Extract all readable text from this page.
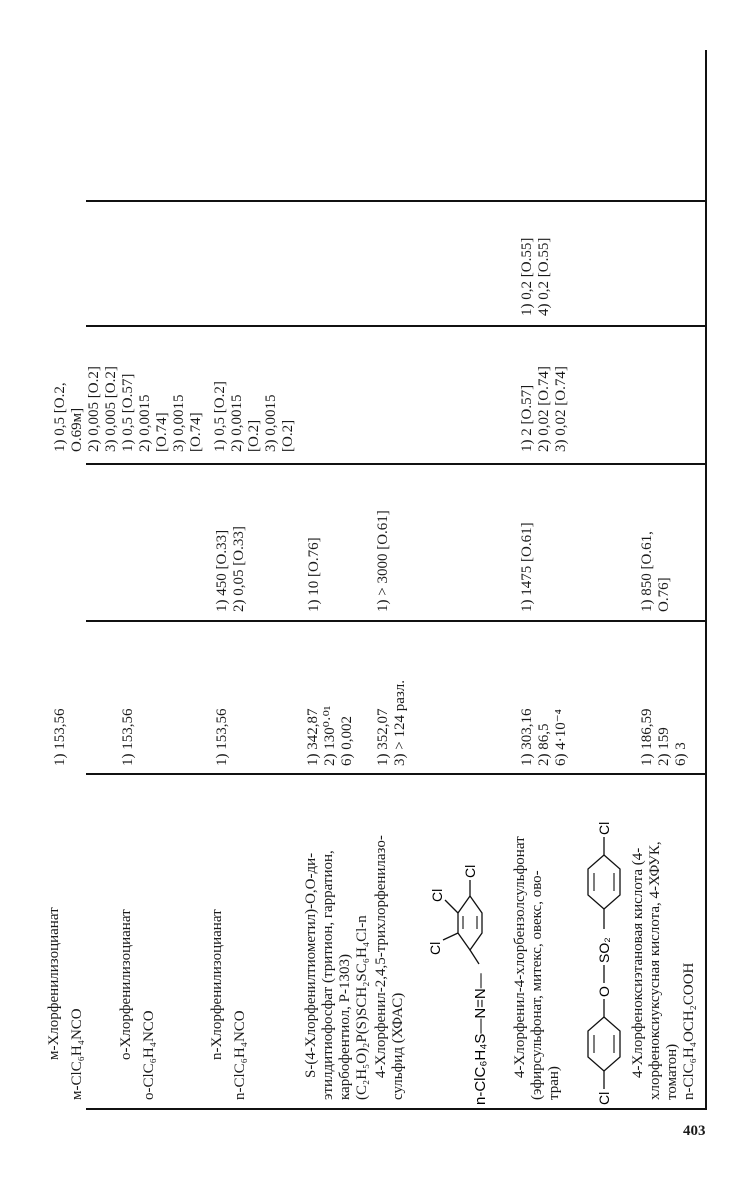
м-Хлорфенилизоцианат м-ClC₆H₄NCO
1) 153,56
1) 0,5 [O.2, O.69м] 2) 0,005 [O.2] 3) 0,005 [O.2]
о-Хлорфенилизоцианат о-ClC₆H₄NCO
1) 153,56
1) 0,5 [O.57] 2) 0,0015 [O.74] 3) 0,0015 [O.74]
n-Хлорфенилизоцианат n-ClC₆H₄NCO
1) 153,56
1) 450 [O.33] 2) 0,05 [O.33]
1) 0,5 [O.2] 2) 0,0015 [O.2] 3) 0,0015 [O.2]
S-(4-Хлорфенилтиометил)-O,O-ди- этилдитиофосфат (тритион, гарратион, карбофентиол, Р-1303) (C₂H₅O)₂P(S)SCH₂SC₆H₄Cl-n
1) 342,87 2) 130⁰·⁰¹ 6) 0,002
1) 10 [O.76]
4-Хлорфенил-2,4,5-трихлорфенилазо- сульфид (ХФАС)
1) 352,07 3) > 124 разл.
1) > 3000 [O.61]
n-ClC₆H₄S—N=N—
Cl
Cl
Cl 4-Хлорфенил-4-хлорбензолсульфонат (эфирсульфонат, митекс, овекс, ово- тран)
1) 303,16 2) 86,5 6) 4·10⁻⁴
1) 1475 [O.61]
1) 2 [O.57] 2) 0,02 [O.74] 3) 0,02 [O.74]
1) 0,2 [O.55] 4) 0,2 [O.55]
Cl
O
SO₂
Cl
4-Хлорфеноксиэтановая кислота (4- хлорфеноксиуксусная кислота, 4-ХФУК, томатон) n-ClC₆H₄OCH₂COOH
1) 186,59 2) 159 6) 3
1) 850 [O.61, O.76]
403
